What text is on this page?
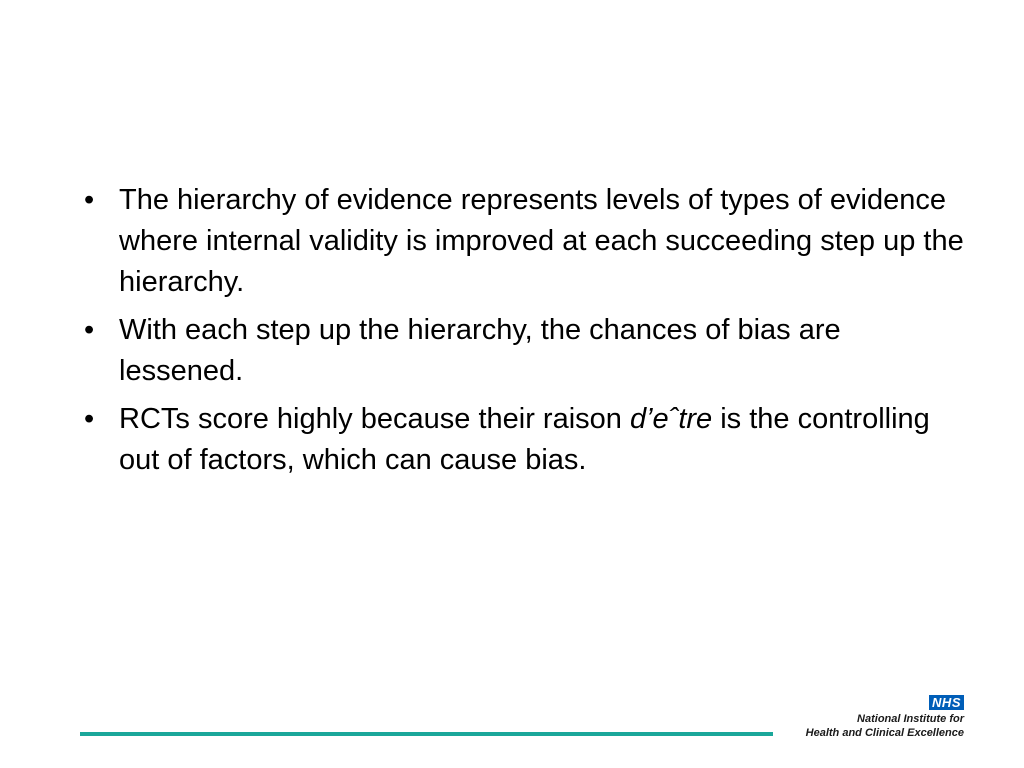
• The hierarchy of evidence represents levels of types of evidence where internal validity is improved at each succeeding step up the hierarchy.
• With each step up the hierarchy, the chances of bias are lessened.
• RCTs score highly because their raison d’eˆtre is the controlling out of factors, which can cause bias.
NHS
National Institute for
Health and Clinical Excellence
